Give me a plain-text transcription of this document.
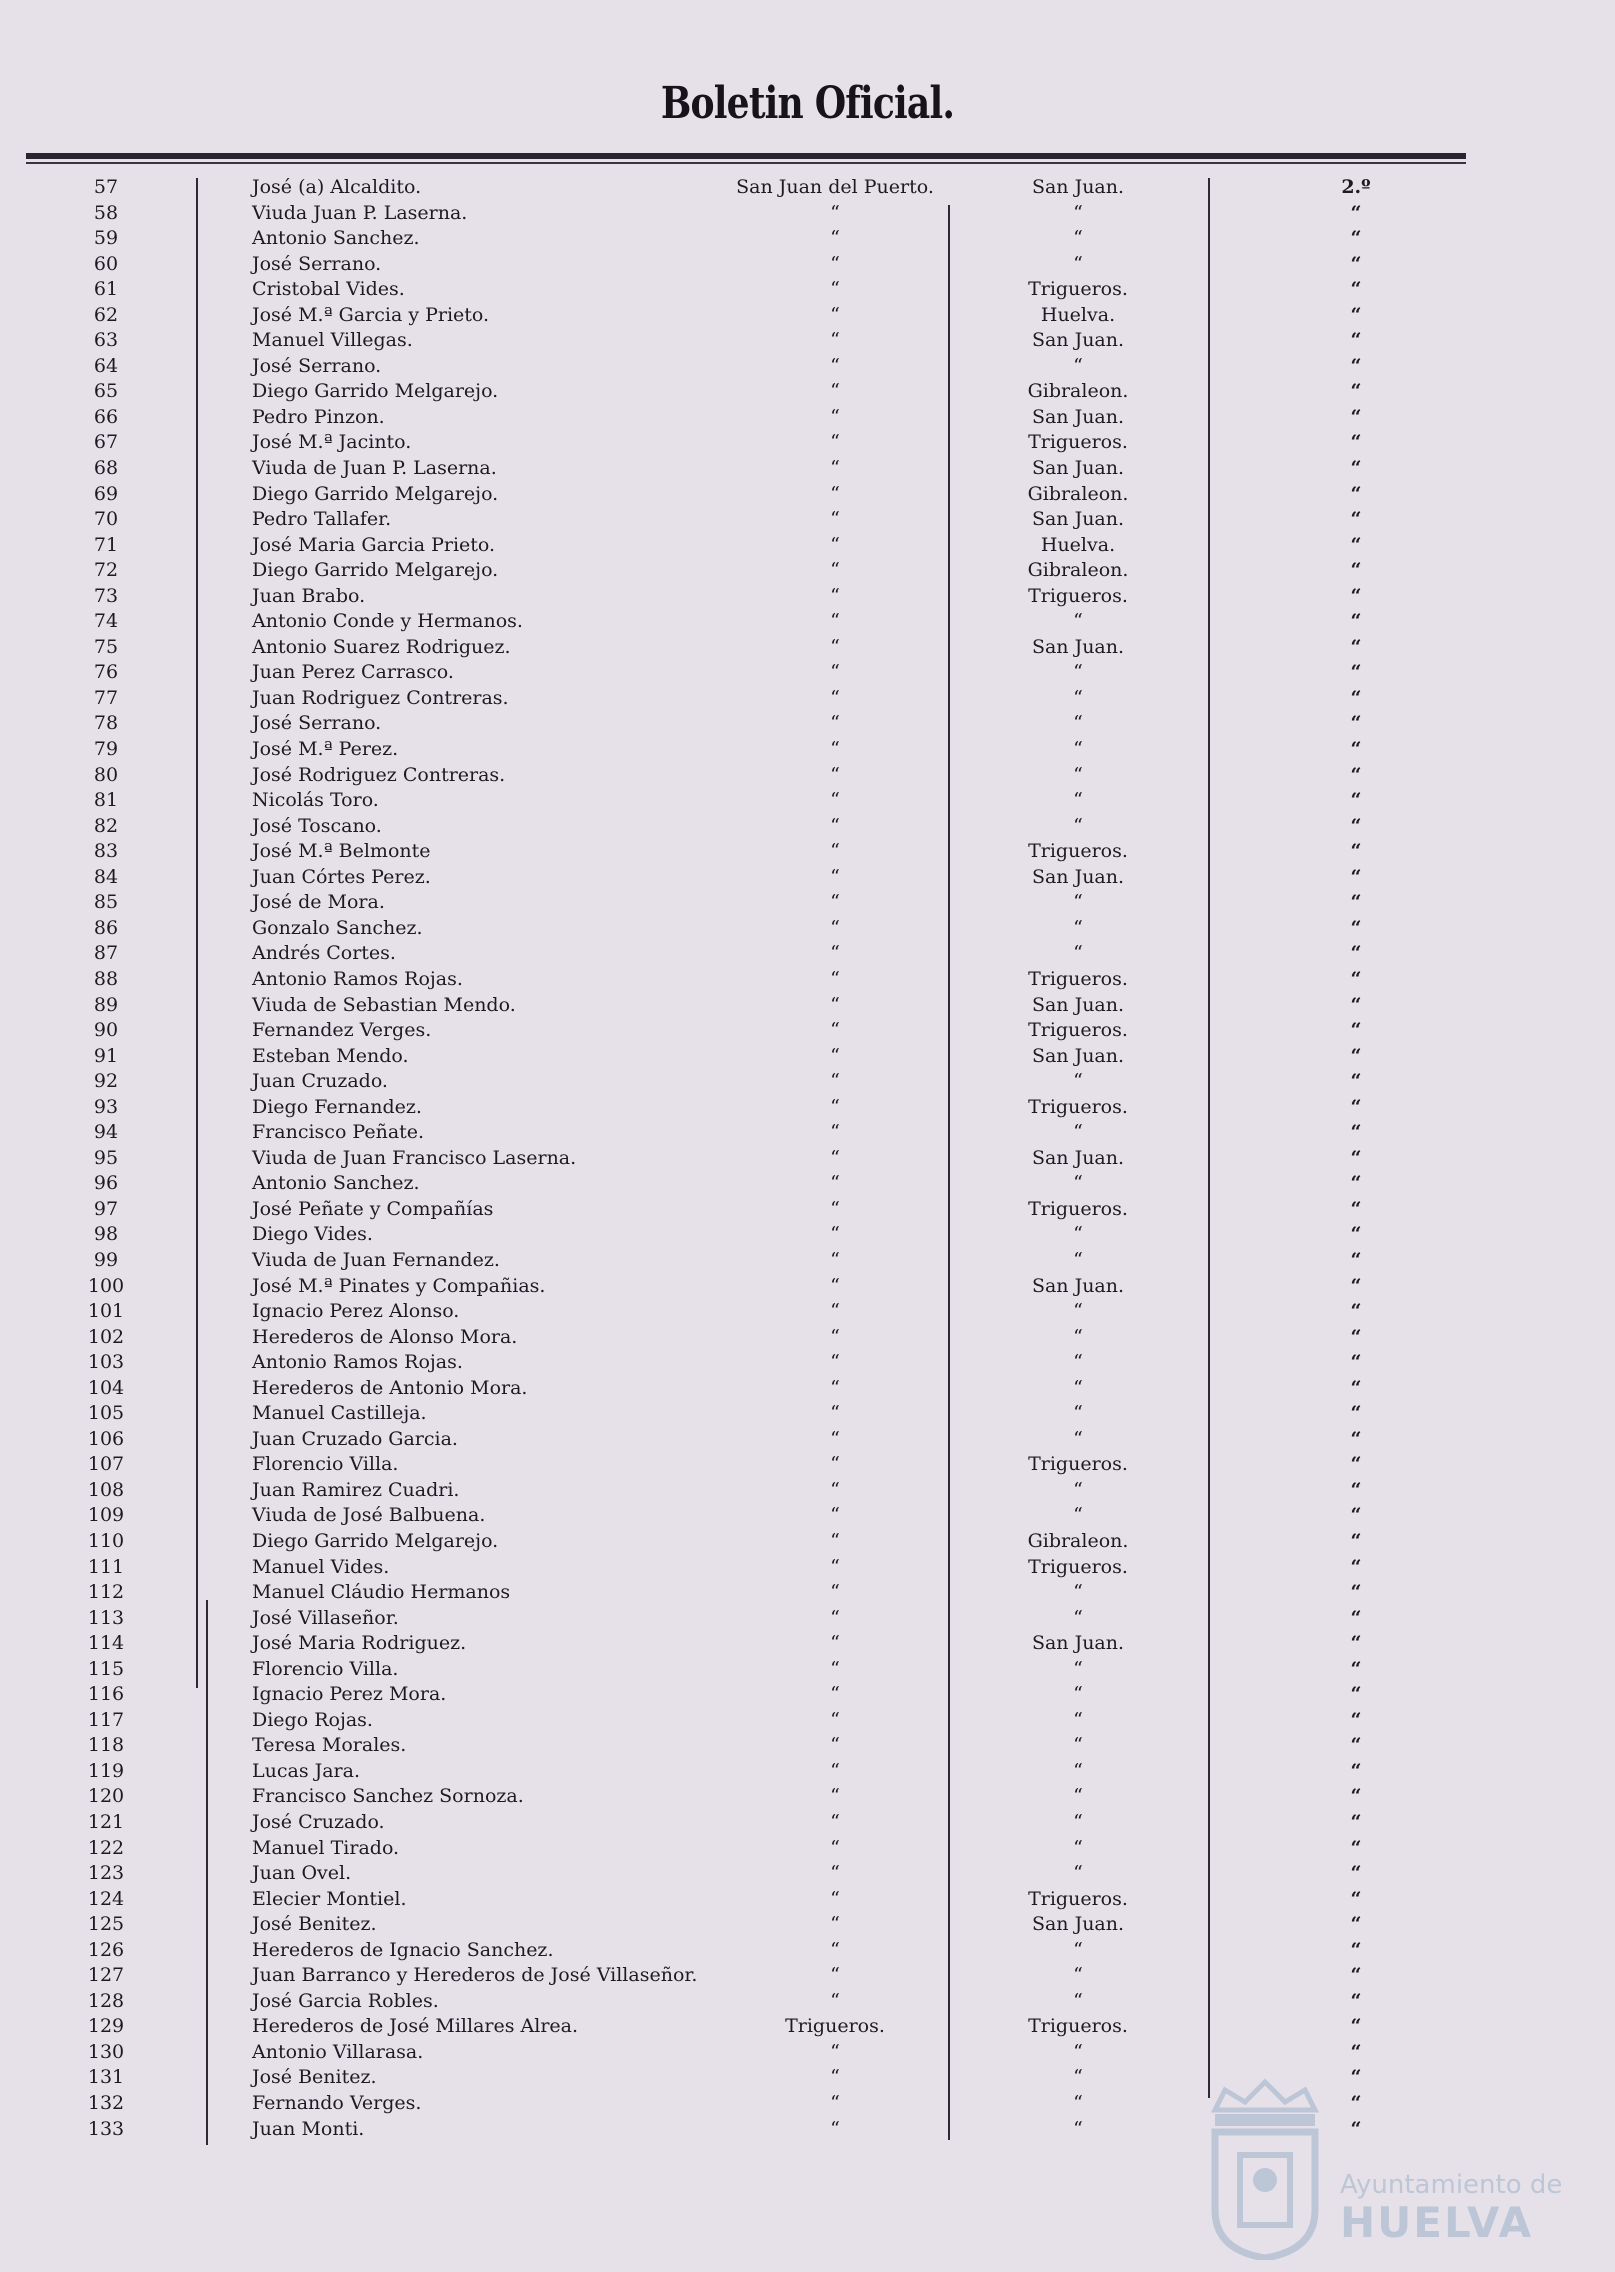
Boletin Oficial.
57	José (a) Alcaldito.	San Juan del Puerto.	San Juan.	2.º
58	Viuda Juan P. Laserna.	“	“	“
59	Antonio Sanchez.	“	“	“
60	José Serrano.	“	“	“
61	Cristobal Vides.	“	Trigueros.	“
62	José M.ª Garcia y Prieto.	“	Huelva.	“
63	Manuel Villegas.	“	San Juan.	“
64	José Serrano.	“	“	“
65	Diego Garrido Melgarejo.	“	Gibraleon.	“
66	Pedro Pinzon.	“	San Juan.	“
67	José M.ª Jacinto.	“	Trigueros.	“
68	Viuda de Juan P. Laserna.	“	San Juan.	“
69	Diego Garrido Melgarejo.	“	Gibraleon.	“
70	Pedro Tallafer.	“	San Juan.	“
71	José Maria Garcia Prieto.	“	Huelva.	“
72	Diego Garrido Melgarejo.	“	Gibraleon.	“
73	Juan Brabo.	“	Trigueros.	“
74	Antonio Conde y Hermanos.	“	“	“
75	Antonio Suarez Rodriguez.	“	San Juan.	“
76	Juan Perez Carrasco.	“	“	“
77	Juan Rodriguez Contreras.	“	“	“
78	José Serrano.	“	“	“
79	José M.ª Perez.	“	“	“
80	José Rodriguez Contreras.	“	“	“
81	Nicolás Toro.	“	“	“
82	José Toscano.	“	“	“
83	José M.ª Belmonte	“	Trigueros.	“
84	Juan Córtes Perez.	“	San Juan.	“
85	José de Mora.	“	“	“
86	Gonzalo Sanchez.	“	“	“
87	Andrés Cortes.	“	“	“
88	Antonio Ramos Rojas.	“	Trigueros.	“
89	Viuda de Sebastian Mendo.	“	San Juan.	“
90	Fernandez Verges.	“	Trigueros.	“
91	Esteban Mendo.	“	San Juan.	“
92	Juan Cruzado.	“	“	“
93	Diego Fernandez.	“	Trigueros.	“
94	Francisco Peñate.	“	“	“
95	Viuda de Juan Francisco Laserna.	“	San Juan.	“
96	Antonio Sanchez.	“	“	“
97	José Peñate y Compañías	“	Trigueros.	“
98	Diego Vides.	“	“	“
99	Viuda de Juan Fernandez.	“	“	“
100	José M.ª Pinates y Compañias.	“	San Juan.	“
101	Ignacio Perez Alonso.	“	“	“
102	Herederos de Alonso Mora.	“	“	“
103	Antonio Ramos Rojas.	“	“	“
104	Herederos de Antonio Mora.	“	“	“
105	Manuel Castilleja.	“	“	“
106	Juan Cruzado Garcia.	“	“	“
107	Florencio Villa.	“	Trigueros.	“
108	Juan Ramirez Cuadri.	“	“	“
109	Viuda de José Balbuena.	“	“	“
110	Diego Garrido Melgarejo.	“	Gibraleon.	“
111	Manuel Vides.	“	Trigueros.	“
112	Manuel Cláudio Hermanos	“	“	“
113	José Villaseñor.	“	“	“
114	José Maria Rodriguez.	“	San Juan.	“
115	Florencio Villa.	“	“	“
116	Ignacio Perez Mora.	“	“	“
117	Diego Rojas.	“	“	“
118	Teresa Morales.	“	“	“
119	Lucas Jara.	“	“	“
120	Francisco Sanchez Sornoza.	“	“	“
121	José Cruzado.	“	“	“
122	Manuel Tirado.	“	“	“
123	Juan Ovel.	“	“	“
124	Elecier Montiel.	“	Trigueros.	“
125	José Benitez.	“	San Juan.	“
126	Herederos de Ignacio Sanchez.	“	“	“
127	Juan Barranco y Herederos de José Villaseñor.	“	“	“
128	José Garcia Robles.	“	“	“
129	Herederos de José Millares Alrea.	Trigueros.	Trigueros.	“
130	Antonio Villarasa.	“	“	“
131	José Benitez.	“	“	“
132	Fernando Verges.	“	“	“
133	Juan Monti.	“	“	“
Ayuntamiento de
HUELVA
